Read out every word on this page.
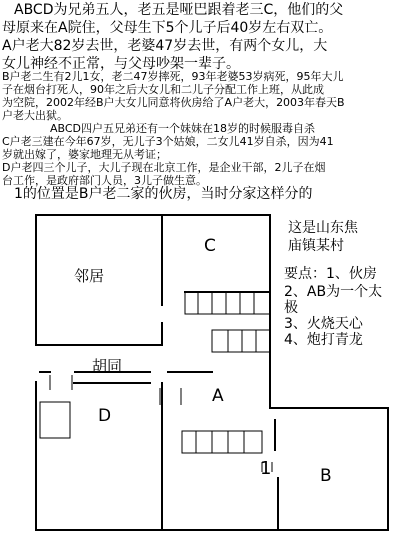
ABCD为兄弟五人，老五是哑巴跟着老三C，他们的父

母原来在A院住，父母生下5个儿子后40岁左右双亡。

A户老大82岁去世，老婆47岁去世，有两个女儿，大

女儿神经不正常，与父母吵架一辈子。

B户老二生有2儿1女，老二47岁摔死，93年老婆53岁病死，95年大儿

子在烟台打死人，90年之后大女儿和二儿子分配工作上班，从此成

为空院，2002年经B户大女儿同意将伙房给了A户老大，2003年春天B

户老大出狱。

ABCD四户五兄弟还有一个妹妹在18岁的时候服毒自杀

C户老三建在今年67岁，无儿子3个姑娘，二女儿41岁自杀，因为41

岁就出嫁了，婆家地理无从考证；

D户老四三个儿子，大儿子现在北京工作，是企业干部，2儿子在烟

台工作，是政府部门人员，3儿子做生意。

1的位置是B户老二家的伙房，当时分家这样分的

邻居
C
胡同
D
A
B
1
这是山东焦
庙镇某村
要点：1、伙房
2、AB为一个太
极
3、火烧天心
4、炮打青龙
